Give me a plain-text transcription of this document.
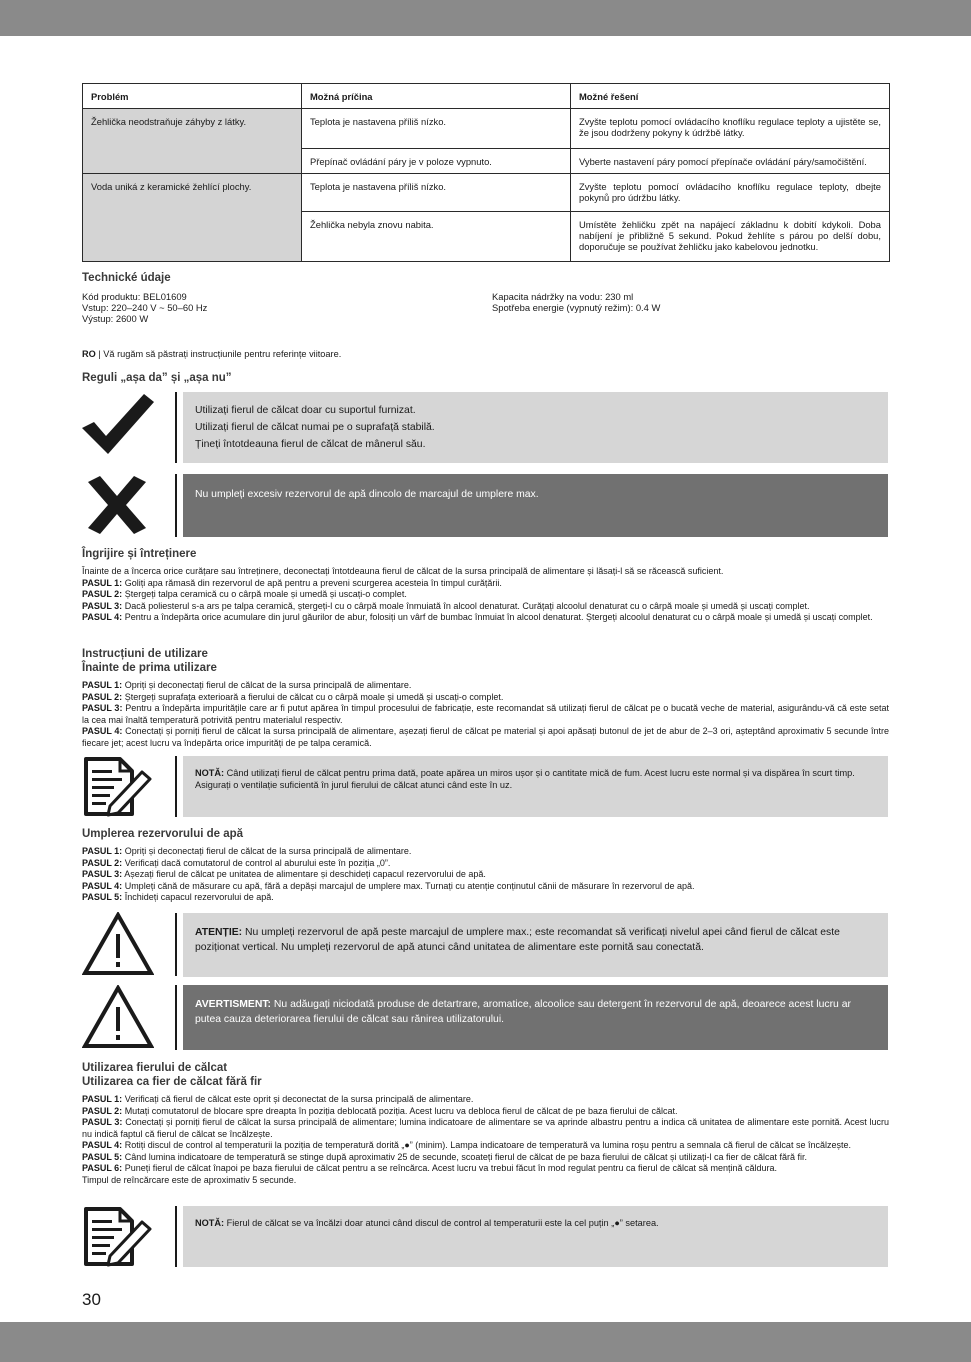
Problém	Možná príčina	Možné řešení
Žehlička neodstraňuje záhyby z látky.	Teplota je nastavena příliš nízko.	Zvyšte teplotu pomocí ovládacího knoflíku regulace teploty a ujistěte se, že jsou dodrženy pokyny k údržbě látky.
	Přepínač ovládání páry je v poloze vypnuto.	Vyberte nastavení páry pomocí přepínače ovládání páry/samočištění.
Voda uniká z keramické žehlící plochy.	Teplota je nastavena příliš nízko.	Zvyšte teplotu pomocí ovládacího knoflíku regulace teploty, dbejte pokynů pro údržbu látky.
	Žehlička nebyla znovu nabita.	Umístěte žehličku zpět na napájecí základnu k dobití kdykoli. Doba nabíjení je přibližně 5 sekund. Pokud žehlíte s párou po delší dobu, doporučuje se používat žehličku jako kabelovou jednotku.
Technické údaje
Kód produktu: BEL01609
Vstup: 220–240 V ~ 50–60 Hz
Výstup: 2600 W
Kapacita nádržky na vodu: 230 ml
Spotřeba energie (vypnutý režim): 0.4 W
RO | Vă rugăm să păstrați instrucțiunile pentru referințe viitoare.
Reguli „așa da” și „așa nu”
Utilizați fierul de călcat doar cu suportul furnizat.
Utilizați fierul de călcat numai pe o suprafață stabilă.
Țineți întotdeauna fierul de călcat de mânerul său.
Nu umpleți excesiv rezervorul de apă dincolo de marcajul de umplere max.
Îngrijire și întreținere
Înainte de a încerca orice curățare sau întreținere, deconectați întotdeauna fierul de călcat de la sursa principală de alimentare și lăsați-l să se răcească suficient.
PASUL 1: Goliți apa rămasă din rezervorul de apă pentru a preveni scurgerea acesteia în timpul curățării.
PASUL 2: Ștergeți talpa ceramică cu o cârpă moale și umedă și uscați-o complet.
PASUL 3: Dacă poliesterul s-a ars pe talpa ceramică, ștergeți-l cu o cârpă moale înmuiată în alcool denaturat. Curățați alcoolul denaturat cu o cârpă moale și umedă și uscați complet.
PASUL 4: Pentru a îndepărta orice acumulare din jurul găurilor de abur, folosiți un vârf de bumbac înmuiat în alcool denaturat. Ștergeți alcoolul denaturat cu o cârpă moale și umedă și uscați complet.
Instrucțiuni de utilizare
Înainte de prima utilizare
PASUL 1: Opriți și deconectați fierul de călcat de la sursa principală de alimentare.
PASUL 2: Ștergeți suprafața exterioară a fierului de călcat cu o cârpă moale și umedă și uscați-o complet.
PASUL 3: Pentru a îndepărta impuritățile care ar fi putut apărea în timpul procesului de fabricație, este recomandat să utilizați fierul de călcat pe o bucată veche de material, asigurându-vă că este setat la cea mai înaltă temperatură potrivită pentru materialul respectiv.
PASUL 4: Conectați și porniți fierul de călcat la sursa principală de alimentare, așezați fierul de călcat pe material și apoi apăsați butonul de jet de abur de 2–3 ori, așteptând aproximativ 5 secunde între fiecare jet; acest lucru va îndepărta orice impurități de pe talpa ceramică.
NOTĂ: Când utilizați fierul de călcat pentru prima dată, poate apărea un miros ușor și o cantitate mică de fum. Acest lucru este normal și va dispărea în scurt timp. Asigurați o ventilație suficientă în jurul fierului de călcat atunci când este în uz.
Umplerea rezervorului de apă
PASUL 1: Opriți și deconectați fierul de călcat de la sursa principală de alimentare.
PASUL 2: Verificați dacă comutatorul de control al aburului este în poziția „0”.
PASUL 3: Așezați fierul de călcat pe unitatea de alimentare și deschideți capacul rezervorului de apă.
PASUL 4: Umpleți cănă de măsurare cu apă, fără a depăși marcajul de umplere max. Turnați cu atenție conținutul cănii de măsurare în rezervorul de apă.
PASUL 5: Închideți capacul rezervorului de apă.
ATENȚIE: Nu umpleți rezervorul de apă peste marcajul de umplere max.; este recomandat să verificați nivelul apei când fierul de călcat este poziționat vertical. Nu umpleți rezervorul de apă atunci când unitatea de alimentare este pornită sau conectată.
AVERTISMENT: Nu adăugați niciodată produse de detartrare, aromatice, alcoolice sau detergent în rezervorul de apă, deoarece acest lucru ar putea cauza deteriorarea fierului de călcat sau rănirea utilizatorului.
Utilizarea fierului de călcat
Utilizarea ca fier de călcat fără fir
PASUL 1: Verificați că fierul de călcat este oprit și deconectat de la sursa principală de alimentare.
PASUL 2: Mutați comutatorul de blocare spre dreapta în poziția deblocată poziția. Acest lucru va debloca fierul de călcat de pe baza fierului de călcat.
PASUL 3: Conectați și porniți fierul de călcat la sursa principală de alimentare; lumina indicatoare de alimentare se va aprinde albastru pentru a indica că unitatea de alimentare este pornită. Acest lucru nu indică faptul că fierul de călcat se încălzește.
PASUL 4: Rotiți discul de control al temperaturii la poziția de temperatură dorită „●” (minim). Lampa indicatoare de temperatură va lumina roșu pentru a semnala că fierul de călcat se încălzește.
PASUL 5: Când lumina indicatoare de temperatură se stinge după aproximativ 25 de secunde, scoateți fierul de călcat de pe baza fierului de călcat și utilizați-l ca fier de călcat fără fir.
PASUL 6: Puneți fierul de călcat înapoi pe baza fierului de călcat pentru a se reîncărca. Acest lucru va trebui făcut în mod regulat pentru ca fierul de călcat să mențină căldura.
Timpul de reîncărcare este de aproximativ 5 secunde.
NOTĂ: Fierul de călcat se va încălzi doar atunci când discul de control al temperaturii este la cel puțin „●” setarea.
30
